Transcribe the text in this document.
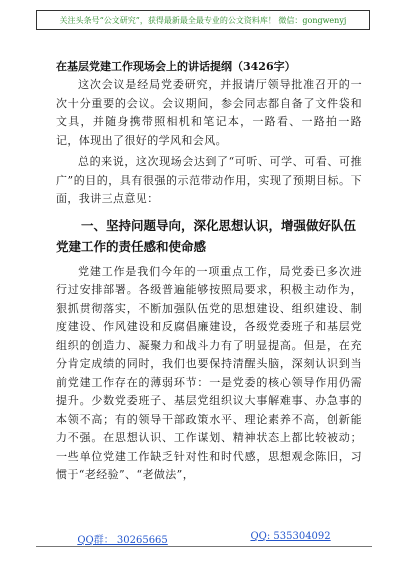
关注头条号“公文研究”，获得最新最全最专业的公文资料库！ 微信：gongwenyj
在基层党建工作现场会上的讲话提纲（3426字）

这次会议是经局党委研究，并报请厅领导批准召开的一次十分重要的会议。会议期间，参会同志都自备了文件袋和文具，并随身携带照相机和笔记本，一路看、一路拍一路记，体现出了很好的学风和会风。

总的来说，这次现场会达到了“可听、可学、可看、可推广”的目的，具有很强的示范带动作用，实现了预期目标。下面，我讲三点意见：

一、坚持问题导向，深化思想认识，增强做好队伍党建工作的责任感和使命感

党建工作是我们今年的一项重点工作，局党委已多次进行过安排部署。各级普遍能够按照局要求，积极主动作为，狠抓贯彻落实，不断加强队伍党的思想建设、组织建设、制度建设、作风建设和反腐倡廉建设，各级党委班子和基层党组织的创造力、凝聚力和战斗力有了明显提高。但是，在充分肯定成绩的同时，我们也要保持清醒头脑，深刻认识到当前党建工作存在的薄弱环节：一是党委的核心领导作用仍需提升。少数党委班子、基层党组织议大事解难事、办急事的本领不高；有的领导干部政策水平、理论素养不高，创新能力不强。在思想认识、工作谋划、精神状态上都比较被动；一些单位党建工作缺乏针对性和时代感，思想观念陈旧，习惯于“老经验”、“老做法”，

QQ群： 30265665	QQ: 535304092
